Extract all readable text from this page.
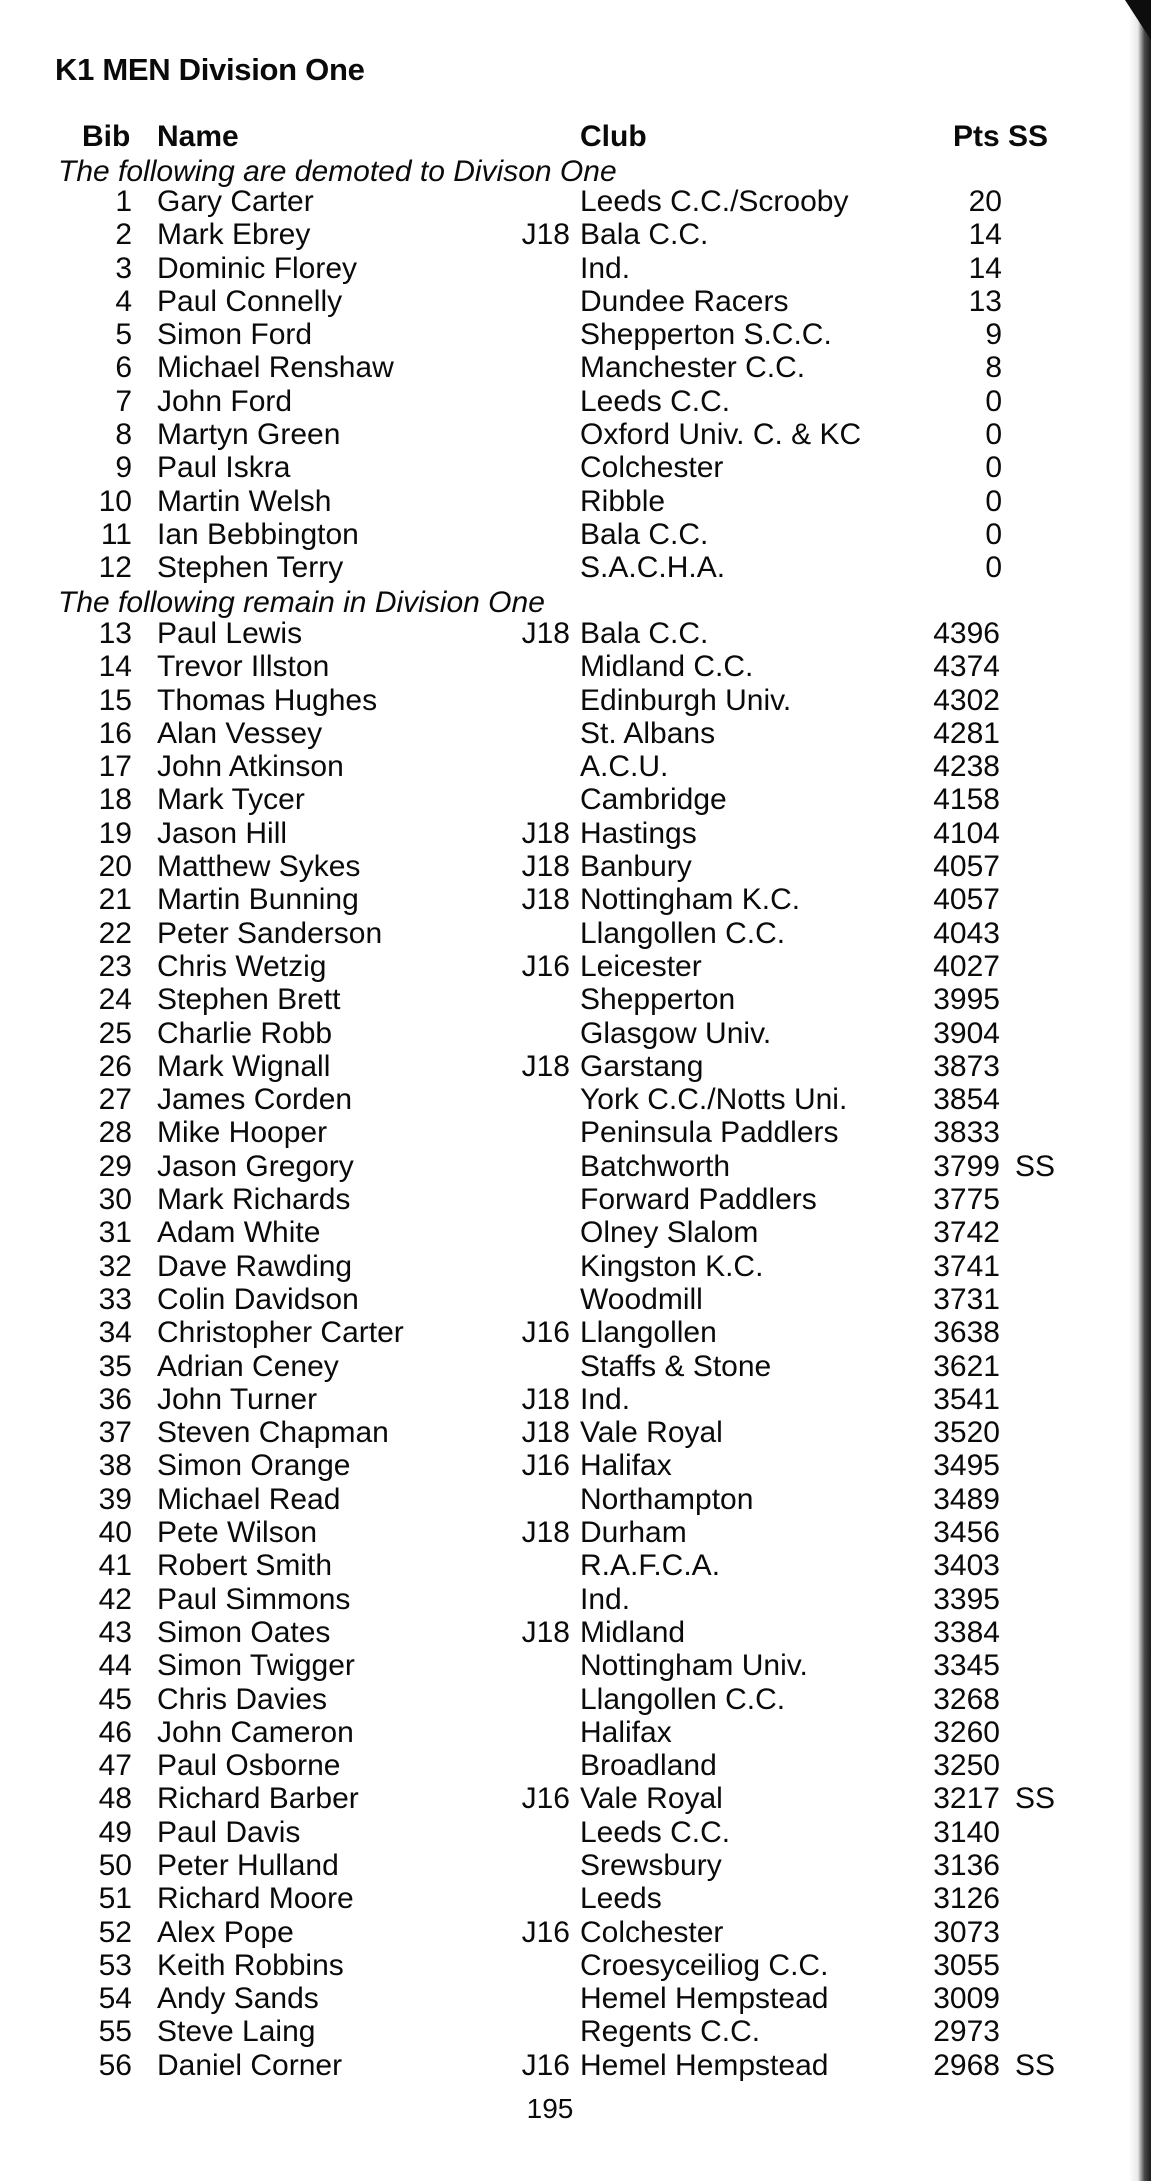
K1 MEN Division One
Bib Name	Club	Pts SS
The following are demoted to Divison One
1 Gary Carter	Leeds C.C./Scrooby	20
2 Mark Ebrey	J18 Bala C.C.	14
3 Dominic Florey	Ind.	14
4 Paul Connelly	Dundee Racers	13
5 Simon Ford	Shepperton S.C.C.	9
6 Michael Renshaw	Manchester C.C.	8
7 John Ford	Leeds C.C.	0
8 Martyn Green	Oxford Univ. C. & KC	0
9 Paul Iskra	Colchester	0
10 Martin Welsh	Ribble	0
11 Ian Bebbington	Bala C.C.	0
12 Stephen Terry	S.A.C.H.A.	0
The following remain in Division One
13 Paul Lewis	J18 Bala C.C.	4396
14 Trevor Illston	Midland C.C.	4374
15 Thomas Hughes	Edinburgh Univ.	4302
16 Alan Vessey	St. Albans	4281
17 John Atkinson	A.C.U.	4238
18 Mark Tycer	Cambridge	4158
19 Jason Hill	J18 Hastings	4104
20 Matthew Sykes	J18 Banbury	4057
21 Martin Bunning	J18 Nottingham K.C.	4057
22 Peter Sanderson	Llangollen C.C.	4043
23 Chris Wetzig	J16 Leicester	4027
24 Stephen Brett	Shepperton	3995
25 Charlie Robb	Glasgow Univ.	3904
26 Mark Wignall	J18 Garstang	3873
27 James Corden	York C.C./Notts Uni.	3854
28 Mike Hooper	Peninsula Paddlers	3833
29 Jason Gregory	Batchworth	3799 SS
30 Mark Richards	Forward Paddlers	3775
31 Adam White	Olney Slalom	3742
32 Dave Rawding	Kingston K.C.	3741
33 Colin Davidson	Woodmill	3731
34 Christopher Carter	J16 Llangollen	3638
35 Adrian Ceney	Staffs & Stone	3621
36 John Turner	J18 Ind.	3541
37 Steven Chapman	J18 Vale Royal	3520
38 Simon Orange	J16 Halifax	3495
39 Michael Read	Northampton	3489
40 Pete Wilson	J18 Durham	3456
41 Robert Smith	R.A.F.C.A.	3403
42 Paul Simmons	Ind.	3395
43 Simon Oates	J18 Midland	3384
44 Simon Twigger	Nottingham Univ.	3345
45 Chris Davies	Llangollen C.C.	3268
46 John Cameron	Halifax	3260
47 Paul Osborne	Broadland	3250
48 Richard Barber	J16 Vale Royal	3217 SS
49 Paul Davis	Leeds C.C.	3140
50 Peter Hulland	Srewsbury	3136
51 Richard Moore	Leeds	3126
52 Alex Pope	J16 Colchester	3073
53 Keith Robbins	Croesyceiliog C.C.	3055
54 Andy Sands	Hemel Hempstead	3009
55 Steve Laing	Regents C.C.	2973
56 Daniel Corner	J16 Hemel Hempstead	2968 SS
195
